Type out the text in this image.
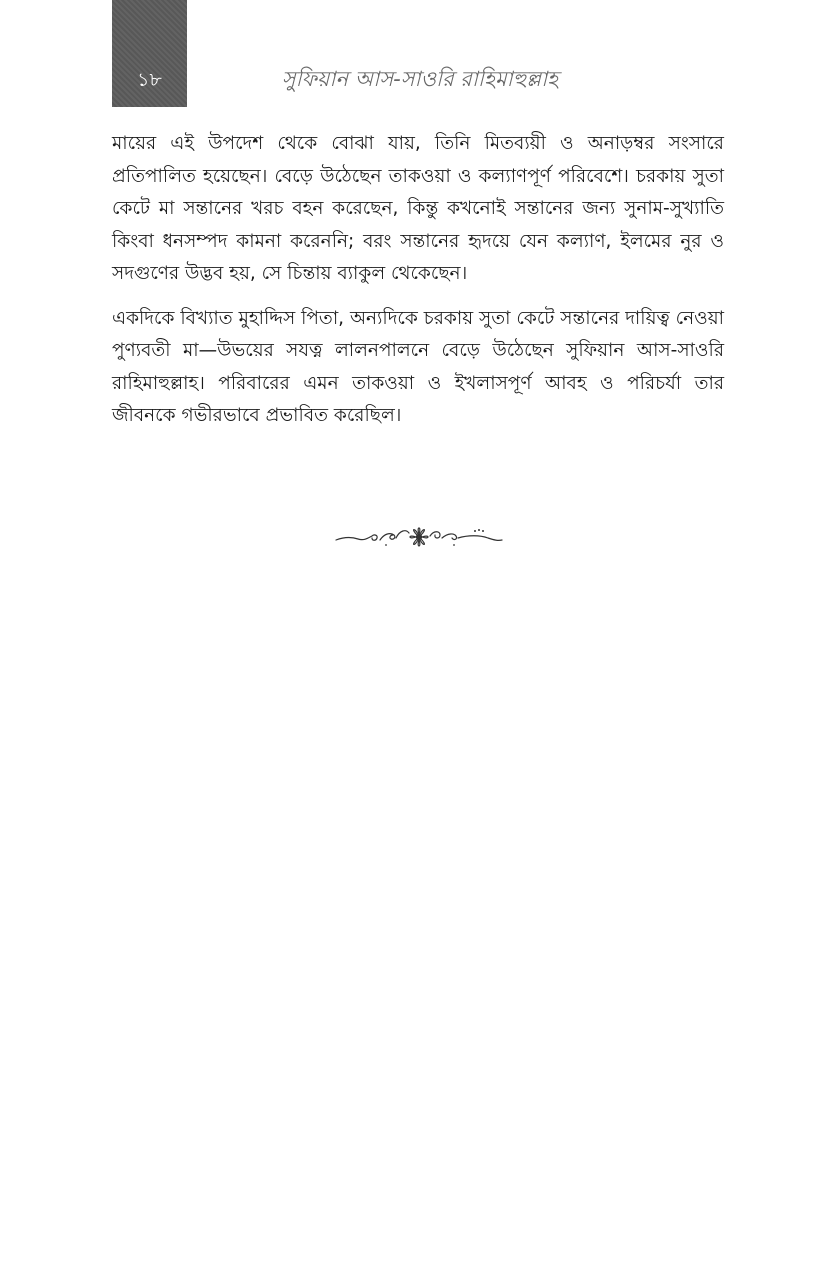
১৮	সুফিয়ান আস-সাওরি রাহিমাহুল্লাহ

মায়ের এই উপদেশ থেকে বোঝা যায়, তিনি মিতব্যয়ী ও অনাড়ম্বর সংসারে প্রতিপালিত হয়েছেন। বেড়ে উঠেছেন তাকওয়া ও কল্যাণপূর্ণ পরিবেশে। চরকায় সুতা কেটে মা সন্তানের খরচ বহন করেছেন, কিন্তু কখনোই সন্তানের জন্য সুনাম-সুখ্যাতি কিংবা ধনসম্পদ কামনা করেননি; বরং সন্তানের হৃদয়ে যেন কল্যাণ, ইলমের নুর ও সদগুণের উদ্ভব হয়, সে চিন্তায় ব্যাকুল থেকেছেন।

একদিকে বিখ্যাত মুহাদ্দিস পিতা, অন্যদিকে চরকায় সুতা কেটে সন্তানের দায়িত্ব নেওয়া পুণ্যবতী মা—উভয়ের সযত্ন লালনপালনে বেড়ে উঠেছেন সুফিয়ান আস-সাওরি রাহিমাহুল্লাহ। পরিবারের এমন তাকওয়া ও ইখলাসপূর্ণ আবহ ও পরিচর্যা তার জীবনকে গভীরভাবে প্রভাবিত করেছিল।
